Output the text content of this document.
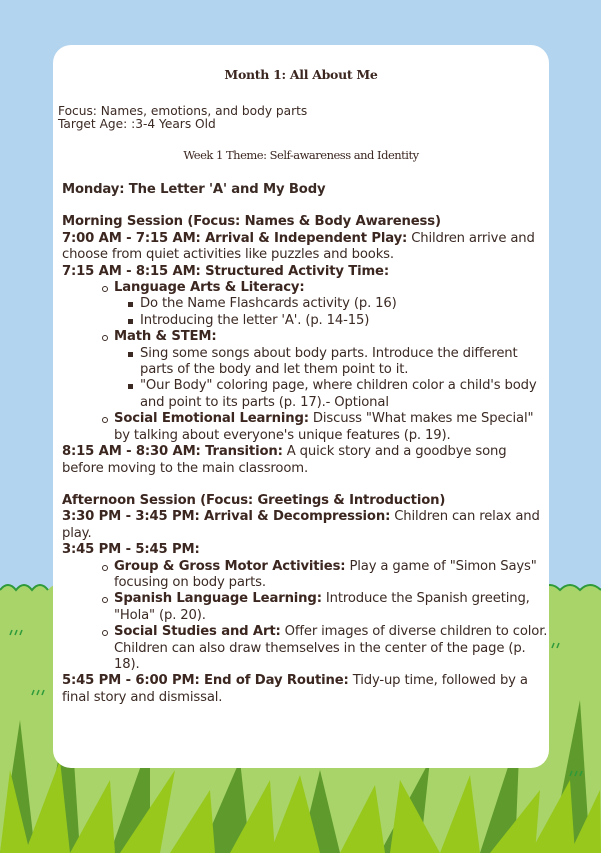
Month 1: All About Me
Focus: Names, emotions, and body parts
Target Age: :3-4 Years Old
Week 1 Theme: Self-awareness and Identity
Monday: The Letter 'A' and My Body
Morning Session (Focus: Names & Body Awareness)
7:00 AM - 7:15 AM: Arrival & Independent Play: Children arrive and choose from quiet activities like puzzles and books.
7:15 AM - 8:15 AM: Structured Activity Time:
Language Arts & Literacy:
Do the Name Flashcards activity (p. 16)
Introducing the letter 'A'. (p. 14-15)
Math & STEM:
Sing some songs about body parts. Introduce the different parts of the body and let them point to it.
"Our Body" coloring page, where children color a child's body and point to its parts (p. 17).- Optional
Social Emotional Learning: Discuss "What makes me Special" by talking about everyone's unique features (p. 19).
8:15 AM - 8:30 AM: Transition: A quick story and a goodbye song before moving to the main classroom.
Afternoon Session (Focus: Greetings & Introduction)
3:30 PM - 3:45 PM: Arrival & Decompression: Children can relax and play.
3:45 PM - 5:45 PM:
Group & Gross Motor Activities: Play a game of "Simon Says" focusing on body parts.
Spanish Language Learning: Introduce the Spanish greeting, "Hola" (p. 20).
Social Studies and Art: Offer images of diverse children to color. Children can also draw themselves in the center of the page (p. 18).
5:45 PM - 6:00 PM: End of Day Routine: Tidy-up time, followed by a final story and dismissal.
